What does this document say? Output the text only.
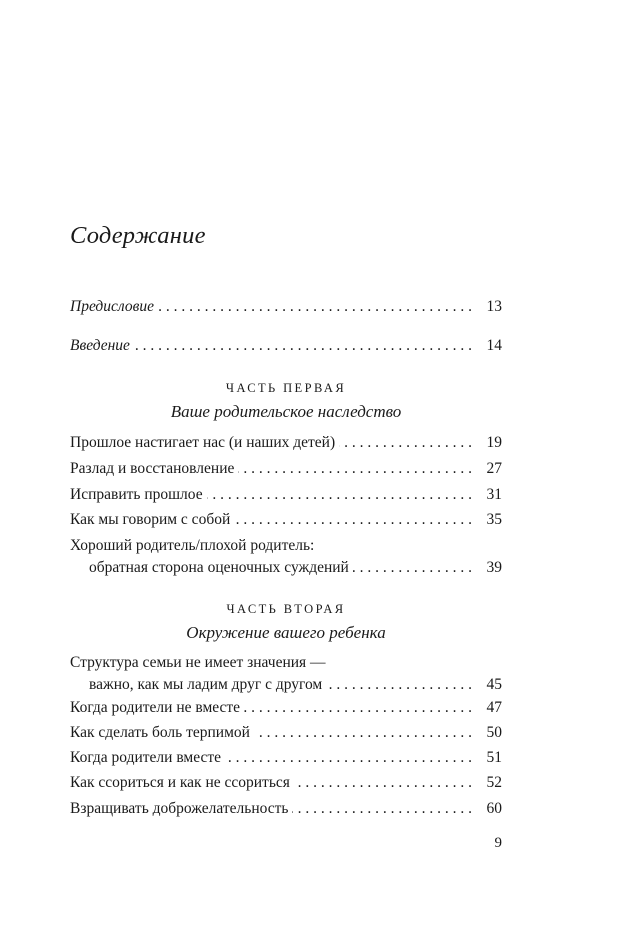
Содержание
Предисловие . . .	13
Введение . . .	14
ЧАСТЬ ПЕРВАЯ
Ваше родительское наследство
Прошлое настигает нас (и наших детей) . . .	19
Разлад и восстановление . . .	27
Исправить прошлое . . .	31
Как мы говорим с собой . . .	35
Хороший родитель/плохой родитель:
обратная сторона оценочных суждений . . .	39
ЧАСТЬ ВТОРАЯ
Окружение вашего ребенка
Структура семьи не имеет значения —
важно, как мы ладим друг с другом . . .	45
Когда родители не вместе . . .	47
Как сделать боль терпимой . . .	50
Когда родители вместе . . .	51
Как ссориться и как не ссориться . . .	52
Взращивать доброжелательность . . .	60
9
